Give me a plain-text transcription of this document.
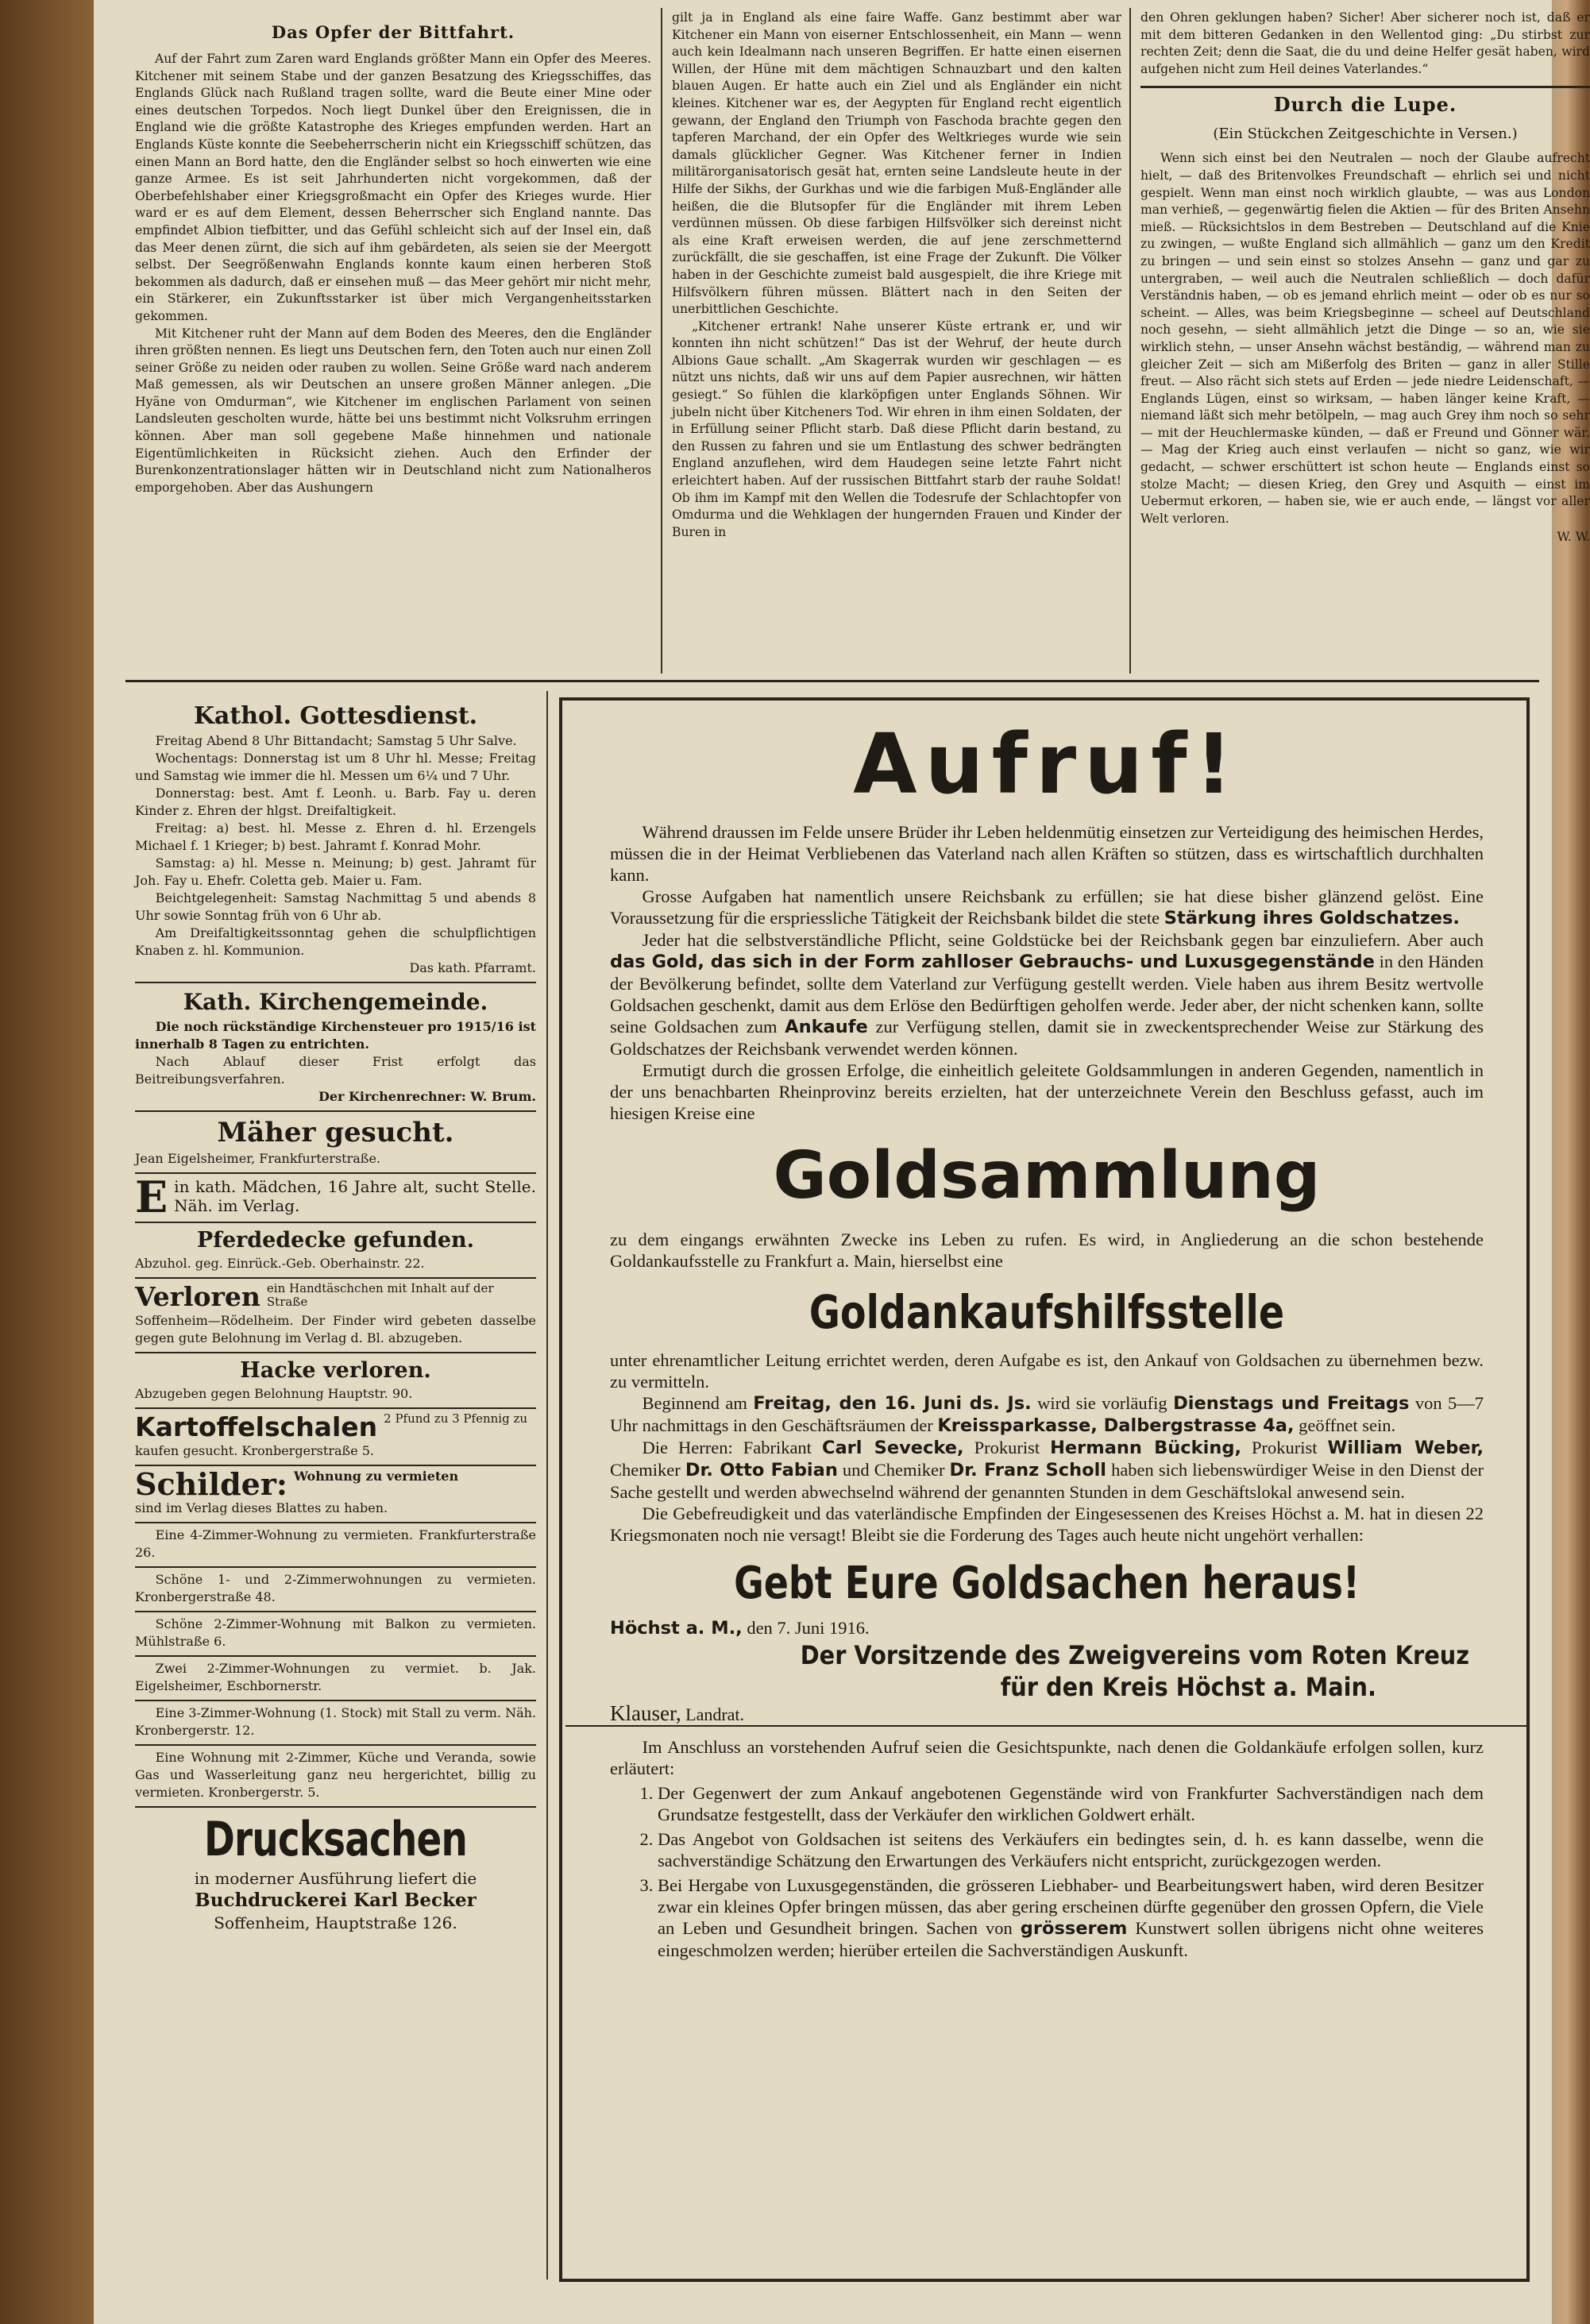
Das Opfer der Bittfahrt.

Auf der Fahrt zum Zaren ward Englands größter Mann ein Opfer des Meeres. Kitchener mit seinem Stabe und der ganzen Besatzung des Kriegsschiffes, das Englands Glück nach Rußland tragen sollte, ward die Beute einer Mine oder eines deutschen Torpedos. Noch liegt Dunkel über den Ereignissen, die in England wie die größte Katastrophe des Krieges empfunden werden. Hart an Englands Küste konnte die Seebeherrscherin nicht ein Kriegsschiff schützen, das einen Mann an Bord hatte, den die Engländer selbst so hoch einwerten wie eine ganze Armee. Es ist seit Jahrhunderten nicht vorgekommen, daß der Oberbefehlshaber einer Kriegsgroßmacht ein Opfer des Krieges wurde. Hier ward er es auf dem Element, dessen Beherrscher sich England nannte. Das empfindet Albion tiefbitter, und das Gefühl schleicht sich auf der Insel ein, daß das Meer denen zürnt, die sich auf ihm gebärdeten, als seien sie der Meergott selbst. Der Seegrößenwahn Englands konnte kaum einen herberen Stoß bekommen als dadurch, daß er einsehen muß — das Meer gehört mir nicht mehr, ein Stärkerer, ein Zukunftsstarker ist über mich Vergangenheitsstarken gekommen.

Mit Kitchener ruht der Mann auf dem Boden des Meeres, den die Engländer ihren größten nennen. Es liegt uns Deutschen fern, den Toten auch nur einen Zoll seiner Größe zu neiden oder rauben zu wollen. Seine Größe ward nach anderem Maß gemessen, als wir Deutschen an unsere großen Männer anlegen. „Die Hyäne von Omdurman“, wie Kitchener im englischen Parlament von seinen Landsleuten gescholten wurde, hätte bei uns bestimmt nicht Volksruhm erringen können. Aber man soll gegebene Maße hinnehmen und nationale Eigentümlichkeiten in Rücksicht ziehen. Auch den Erfinder der Burenkonzentrationslager hätten wir in Deutschland nicht zum Nationalheros emporgehoben. Aber das Aushungern

gilt ja in England als eine faire Waffe. Ganz bestimmt aber war Kitchener ein Mann von eiserner Entschlossenheit, ein Mann — wenn auch kein Idealmann nach unseren Begriffen. Er hatte einen eisernen Willen, der Hüne mit dem mächtigen Schnauzbart und den kalten blauen Augen. Er hatte auch ein Ziel und als Engländer ein nicht kleines. Kitchener war es, der Aegypten für England recht eigentlich gewann, der England den Triumph von Faschoda brachte gegen den tapferen Marchand, der ein Opfer des Weltkrieges wurde wie sein damals glücklicher Gegner. Was Kitchener ferner in Indien militärorganisatorisch gesät hat, ernten seine Landsleute heute in der Hilfe der Sikhs, der Gurkhas und wie die farbigen Muß-Engländer alle heißen, die die Blutsopfer für die Engländer mit ihrem Leben verdünnen müssen. Ob diese farbigen Hilfsvölker sich dereinst nicht als eine Kraft erweisen werden, die auf jene zerschmetternd zurückfällt, die sie geschaffen, ist eine Frage der Zukunft. Die Völker haben in der Geschichte zumeist bald ausgespielt, die ihre Kriege mit Hilfsvölkern führen müssen. Blättert nach in den Seiten der unerbittlichen Geschichte.

„Kitchener ertrank! Nahe unserer Küste ertrank er, und wir konnten ihn nicht schützen!“ Das ist der Wehruf, der heute durch Albions Gaue schallt. „Am Skagerrak wurden wir geschlagen — es nützt uns nichts, daß wir uns auf dem Papier ausrechnen, wir hätten gesiegt.“ So fühlen die klarköpfigen unter Englands Söhnen. Wir jubeln nicht über Kitcheners Tod. Wir ehren in ihm einen Soldaten, der in Erfüllung seiner Pflicht starb. Daß diese Pflicht darin bestand, zu den Russen zu fahren und sie um Entlastung des schwer bedrängten England anzuflehen, wird dem Haudegen seine letzte Fahrt nicht erleichtert haben. Auf der russischen Bittfahrt starb der rauhe Soldat! Ob ihm im Kampf mit den Wellen die Todesrufe der Schlachtopfer von Omdurma und die Wehklagen der hungernden Frauen und Kinder der Buren in

den Ohren geklungen haben? Sicher! Aber sicherer noch ist, daß er mit dem bitteren Gedanken in den Wellentod ging: „Du stirbst zur rechten Zeit; denn die Saat, die du und deine Helfer gesät haben, wird aufgehen nicht zum Heil deines Vaterlandes.“

Durch die Lupe.
(Ein Stückchen Zeitgeschichte in Versen.)

Wenn sich einst bei den Neutralen — noch der Glaube aufrecht hielt, — daß des Britenvolkes Freundschaft — ehrlich sei und nicht gespielt. Wenn man einst noch wirklich glaubte, — was aus London man verhieß, — gegenwärtig fielen die Aktien — für des Briten Ansehn mieß. — Rücksichtslos in dem Bestreben — Deutschland auf die Knie zu zwingen, — wußte England sich allmählich — ganz um den Kredit zu bringen — und sein einst so stolzes Ansehn — ganz und gar zu untergraben, — weil auch die Neutralen schließlich — doch dafür Verständnis haben, — ob es jemand ehrlich meint — oder ob es nur so scheint. — Alles, was beim Kriegsbeginne — scheel auf Deutschland noch gesehn, — sieht allmählich jetzt die Dinge — so an, wie sie wirklich stehn, — unser Ansehn wächst beständig, — während man zu gleicher Zeit — sich am Mißerfolg des Briten — ganz in aller Stille freut. — Also rächt sich stets auf Erden — jede niedre Leidenschaft, — Englands Lügen, einst so wirksam, — haben länger keine Kraft, — niemand läßt sich mehr betölpeln, — mag auch Grey ihm noch so sehr — mit der Heuchlermaske künden, — daß er Freund und Gönner wär. — Mag der Krieg auch einst verlaufen — nicht so ganz, wie wir gedacht, — schwer erschüttert ist schon heute — Englands einst so stolze Macht; — diesen Krieg, den Grey und Asquith — einst im Uebermut erkoren, — haben sie, wie er auch ende, — längst vor aller Welt verloren.

W. W.
Kathol. Gottesdienst.

Freitag Abend 8 Uhr Bittandacht; Samstag 5 Uhr Salve.

Wochentags: Donnerstag ist um 8 Uhr hl. Messe; Freitag und Samstag wie immer die hl. Messen um 6¼ und 7 Uhr.

Donnerstag: best. Amt f. Leonh. u. Barb. Fay u. deren Kinder z. Ehren der hlgst. Dreifaltigkeit.

Freitag: a) best. hl. Messe z. Ehren d. hl. Erzengels Michael f. 1 Krieger; b) best. Jahramt f. Konrad Mohr.

Samstag: a) hl. Messe n. Meinung; b) gest. Jahramt für Joh. Fay u. Ehefr. Coletta geb. Maier u. Fam.

Beichtgelegenheit: Samstag Nachmittag 5 und abends 8 Uhr sowie Sonntag früh von 6 Uhr ab.

Am Dreifaltigkeitssonntag gehen die schulpflichtigen Knaben z. hl. Kommunion.

Das kath. Pfarramt.

Kath. Kirchengemeinde.

Die noch rückständige Kirchensteuer pro 1915/16 ist innerhalb 8 Tagen zu entrichten.

Nach Ablauf dieser Frist erfolgt das Beitreibungsverfahren.

Der Kirchenrechner: W. Brum.

Mäher gesucht.

Jean Eigelsheimer, Frankfurterstraße.

E in kath. Mädchen, 16 Jahre alt, sucht Stelle. Näh. im Verlag.

Pferdedecke gefunden.

Abzuhol. geg. Einrück.-Geb. Oberhainstr. 22.

Verloren ein Handtäschchen mit Inhalt auf der Straße

Soffenheim—Rödelheim. Der Finder wird gebeten dasselbe gegen gute Belohnung im Verlag d. Bl. abzugeben.

Hacke verloren.

Abzugeben gegen Belohnung Hauptstr. 90.

Kartoffelschalen 2 Pfund zu 3 Pfennig zu

kaufen gesucht. Kronbergerstraße 5.

Schilder: Wohnung zu vermieten

sind im Verlag dieses Blattes zu haben.

Eine 4-Zimmer-Wohnung zu vermieten. Frankfurterstraße 26.

Schöne 1- und 2-Zimmerwohnungen zu vermieten. Kronbergerstraße 48.

Schöne 2-Zimmer-Wohnung mit Balkon zu vermieten. Mühlstraße 6.

Zwei 2-Zimmer-Wohnungen zu vermiet. b. Jak. Eigelsheimer, Eschbornerstr.

Eine 3-Zimmer-Wohnung (1. Stock) mit Stall zu verm. Näh. Kronbergerstr. 12.

Eine Wohnung mit 2-Zimmer, Küche und Veranda, sowie Gas und Wasserleitung ganz neu hergerichtet, billig zu vermieten. Kronbergerstr. 5.

Drucksachen

in moderner Ausführung liefert die

Buchdruckerei Karl Becker

Soffenheim, Hauptstraße 126.

Aufruf!

Während draussen im Felde unsere Brüder ihr Leben heldenmütig einsetzen zur Verteidigung des heimischen Herdes, müssen die in der Heimat Verbliebenen das Vaterland nach allen Kräften so stützen, dass es wirtschaftlich durchhalten kann.

Grosse Aufgaben hat namentlich unsere Reichsbank zu erfüllen; sie hat diese bisher glänzend gelöst. Eine Voraussetzung für die erspriessliche Tätigkeit der Reichsbank bildet die stete Stärkung ihres Goldschatzes.

Jeder hat die selbstverständliche Pflicht, seine Goldstücke bei der Reichsbank gegen bar einzuliefern. Aber auch das Gold, das sich in der Form zahlloser Gebrauchs- und Luxusgegenstände in den Händen der Bevölkerung befindet, sollte dem Vaterland zur Verfügung gestellt werden. Viele haben aus ihrem Besitz wertvolle Goldsachen geschenkt, damit aus dem Erlöse den Bedürftigen geholfen werde. Jeder aber, der nicht schenken kann, sollte seine Goldsachen zum Ankaufe zur Verfügung stellen, damit sie in zweckentsprechender Weise zur Stärkung des Goldschatzes der Reichsbank verwendet werden können.

Ermutigt durch die grossen Erfolge, die einheitlich geleitete Goldsammlungen in anderen Gegenden, namentlich in der uns benachbarten Rheinprovinz bereits erzielten, hat der unterzeichnete Verein den Beschluss gefasst, auch im hiesigen Kreise eine

Goldsammlung

zu dem eingangs erwähnten Zwecke ins Leben zu rufen. Es wird, in Angliederung an die schon bestehende Goldankaufsstelle zu Frankfurt a. Main, hierselbst eine

Goldankaufshilfsstelle

unter ehrenamtlicher Leitung errichtet werden, deren Aufgabe es ist, den Ankauf von Goldsachen zu übernehmen bezw. zu vermitteln.

Beginnend am Freitag, den 16. Juni ds. Js. wird sie vorläufig Dienstags und Freitags von 5—7 Uhr nachmittags in den Geschäftsräumen der Kreissparkasse, Dalbergstrasse 4a, geöffnet sein.

Die Herren: Fabrikant Carl Sevecke, Prokurist Hermann Bücking, Prokurist William Weber, Chemiker Dr. Otto Fabian und Chemiker Dr. Franz Scholl haben sich liebenswürdiger Weise in den Dienst der Sache gestellt und werden abwechselnd während der genannten Stunden in dem Geschäftslokal anwesend sein.

Die Gebefreudigkeit und das vaterländische Empfinden der Eingesessenen des Kreises Höchst a. M. hat in diesen 22 Kriegsmonaten noch nie versagt! Bleibt sie die Forderung des Tages auch heute nicht ungehört verhallen:

Gebt Eure Goldsachen heraus!

Höchst a. M., den 7. Juni 1916.

Der Vorsitzende des Zweigvereins vom Roten Kreuz
für den Kreis Höchst a. Main.

Klauser, Landrat.

Im Anschluss an vorstehenden Aufruf seien die Gesichtspunkte, nach denen die Goldankäufe erfolgen sollen, kurz erläutert:

1. Der Gegenwert der zum Ankauf angebotenen Gegenstände wird von Frankfurter Sachverständigen nach dem Grundsatze festgestellt, dass der Verkäufer den wirklichen Goldwert erhält.
2. Das Angebot von Goldsachen ist seitens des Verkäufers ein bedingtes sein, d. h. es kann dasselbe, wenn die sachverständige Schätzung den Erwartungen des Verkäufers nicht entspricht, zurückgezogen werden.
3. Bei Hergabe von Luxusgegenständen, die grösseren Liebhaber- und Bearbeitungswert haben, wird deren Besitzer zwar ein kleines Opfer bringen müssen, das aber gering erscheinen dürfte gegenüber den grossen Opfern, die Viele an Leben und Gesundheit bringen. Sachen von grösserem Kunstwert sollen übrigens nicht ohne weiteres eingeschmolzen werden; hierüber erteilen die Sachverständigen Auskunft.
